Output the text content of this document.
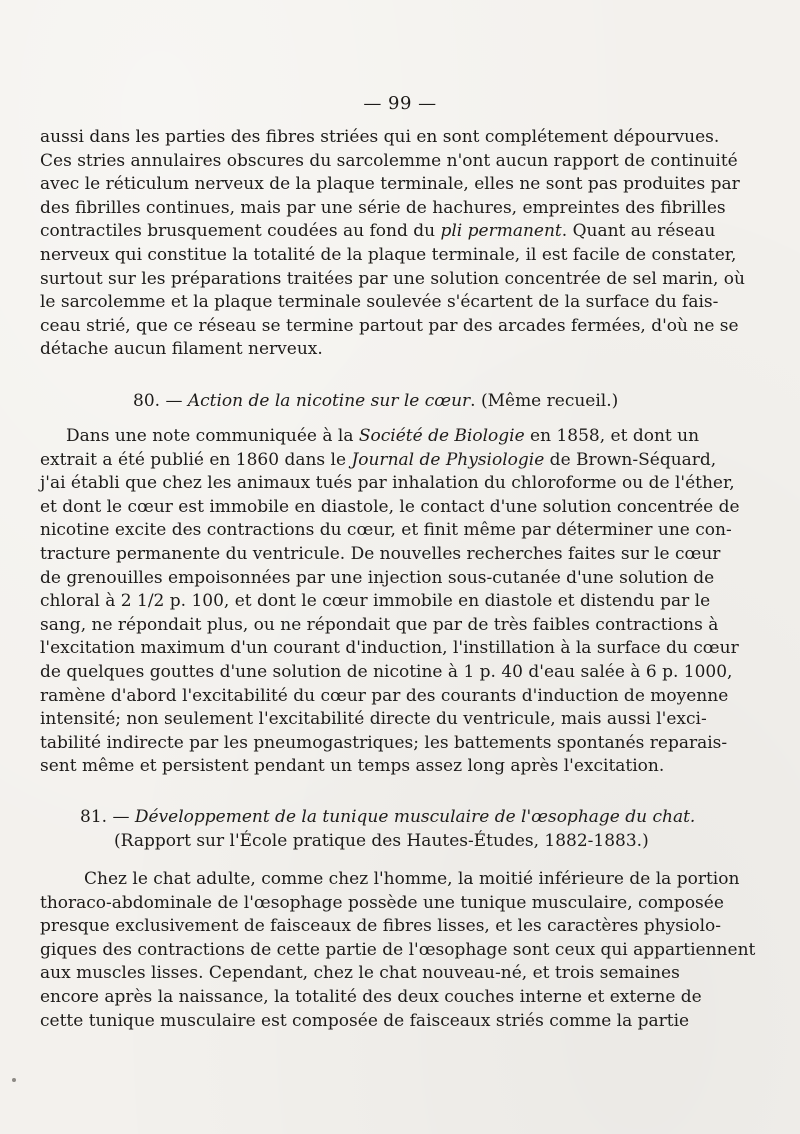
— 99 —
aussi dans les parties des fibres striées qui en sont complétement dépourvues.
Ces stries annulaires obscures du sarcolemme n'ont aucun rapport de continuité
avec le réticulum nerveux de la plaque terminale, elles ne sont pas produites par
des fibrilles continues, mais par une série de hachures, empreintes des fibrilles
contractiles brusquement coudées au fond du pli permanent. Quant au réseau
nerveux qui constitue la totalité de la plaque terminale, il est facile de constater,
surtout sur les préparations traitées par une solution concentrée de sel marin, où
le sarcolemme et la plaque terminale soulevée s'écartent de la surface du fais-
ceau strié, que ce réseau se termine partout par des arcades fermées, d'où ne se
détache aucun filament nerveux.
80. — Action de la nicotine sur le cœur. (Même recueil.)
Dans une note communiquée à la Société de Biologie en 1858, et dont un
extrait a été publié en 1860 dans le Journal de Physiologie de Brown-Séquard,
j'ai établi que chez les animaux tués par inhalation du chloroforme ou de l'éther,
et dont le cœur est immobile en diastole, le contact d'une solution concentrée de
nicotine excite des contractions du cœur, et finit même par déterminer une con-
tracture permanente du ventricule. De nouvelles recherches faites sur le cœur
de grenouilles empoisonnées par une injection sous-cutanée d'une solution de
chloral à 2 1/2 p. 100, et dont le cœur immobile en diastole et distendu par le
sang, ne répondait plus, ou ne répondait que par de très faibles contractions à
l'excitation maximum d'un courant d'induction, l'instillation à la surface du cœur
de quelques gouttes d'une solution de nicotine à 1 p. 40 d'eau salée à 6 p. 1000,
ramène d'abord l'excitabilité du cœur par des courants d'induction de moyenne
intensité; non seulement l'excitabilité directe du ventricule, mais aussi l'exci-
tabilité indirecte par les pneumogastriques; les battements spontanés reparais-
sent même et persistent pendant un temps assez long après l'excitation.
81. — Développement de la tunique musculaire de l'œsophage du chat.
(Rapport sur l'École pratique des Hautes-Études, 1882-1883.)
Chez le chat adulte, comme chez l'homme, la moitié inférieure de la portion
thoraco-abdominale de l'œsophage possède une tunique musculaire, composée
presque exclusivement de faisceaux de fibres lisses, et les caractères physiolo-
giques des contractions de cette partie de l'œsophage sont ceux qui appartiennent
aux muscles lisses. Cependant, chez le chat nouveau-né, et trois semaines
encore après la naissance, la totalité des deux couches interne et externe de
cette tunique musculaire est composée de faisceaux striés comme la partie
